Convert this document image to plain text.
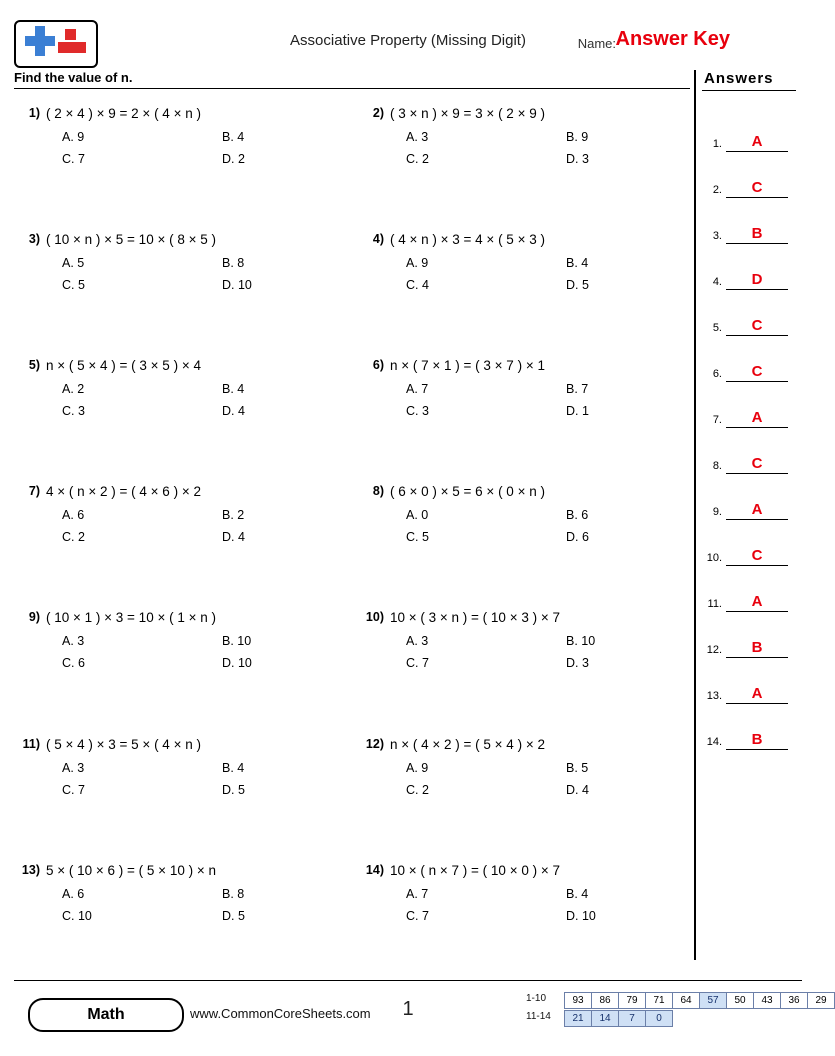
Associative Property (Missing Digit)	Name: Answer Key
Find the value of n.
1) ( 2 × 4 ) × 9 = 2 × ( 4 × n )
A. 9	B. 4
C. 7	D. 2
2) ( 3 × n ) × 9 = 3 × ( 2 × 9 )
A. 3	B. 9
C. 2	D. 3
3) ( 10 × n ) × 5 = 10 × ( 8 × 5 )
A. 5	B. 8
C. 5	D. 10
4) ( 4 × n ) × 3 = 4 × ( 5 × 3 )
A. 9	B. 4
C. 4	D. 5
5) n × ( 5 × 4 ) = ( 3 × 5 ) × 4
A. 2	B. 4
C. 3	D. 4
6) n × ( 7 × 1 ) = ( 3 × 7 ) × 1
A. 7	B. 7
C. 3	D. 1
7) 4 × ( n × 2 ) = ( 4 × 6 ) × 2
A. 6	B. 2
C. 2	D. 4
8) ( 6 × 0 ) × 5 = 6 × ( 0 × n )
A. 0	B. 6
C. 5	D. 6
9) ( 10 × 1 ) × 3 = 10 × ( 1 × n )
A. 3	B. 10
C. 6	D. 10
10) 10 × ( 3 × n ) = ( 10 × 3 ) × 7
A. 3	B. 10
C. 7	D. 3
11) ( 5 × 4 ) × 3 = 5 × ( 4 × n )
A. 3	B. 4
C. 7	D. 5
12) n × ( 4 × 2 ) = ( 5 × 4 ) × 2
A. 9	B. 5
C. 2	D. 4
13) 5 × ( 10 × 6 ) = ( 5 × 10 ) × n
A. 6	B. 8
C. 10	D. 5
14) 10 × ( n × 7 ) = ( 10 × 0 ) × 7
A. 7	B. 4
C. 7	D. 10
Answers
1.	A
2.	C
3.	B
4.	D
5.	C
6.	C
7.	A
8.	C
9.	A
10.	C
11.	A
12.	B
13.	A
14.	B
Math	www.CommonCoreSheets.com	1	1-10	93	86	79	71	64	57	50	43	36	29
11-14	21	14	7	0
